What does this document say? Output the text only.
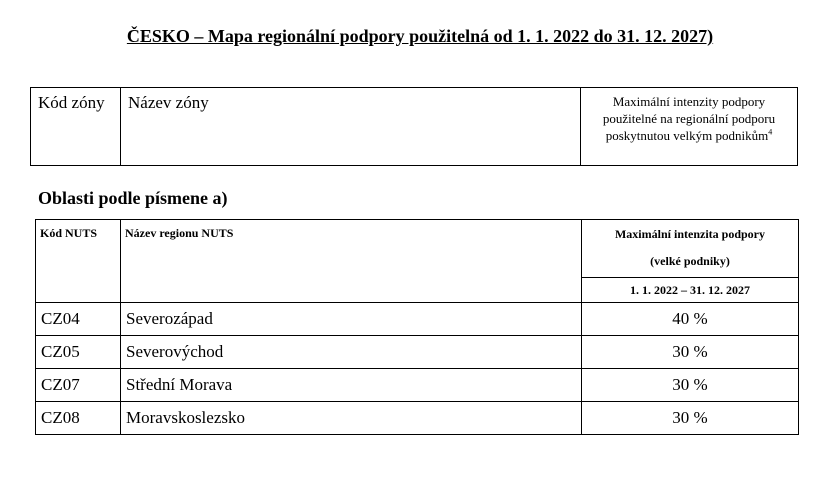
ČESKO – Mapa regionální podpory použitelná od 1. 1. 2022 do 31. 12. 2027)
Kód zóny	Název zóny	Maximální intenzity podpory použitelné na regionální podporu poskytnutou velkým podnikům$^4$
Oblasti podle písmene a)
Kód NUTS	Název regionu NUTS	Maximální intenzita podpory
(velké podniky)

		1. 1. 2022 – 31. 12. 2027
CZ04	Severozápad	40 %
CZ05	Severovýchod	30 %
CZ07	Střední Morava	30 %
CZ08	Moravskoslezsko	30 %
